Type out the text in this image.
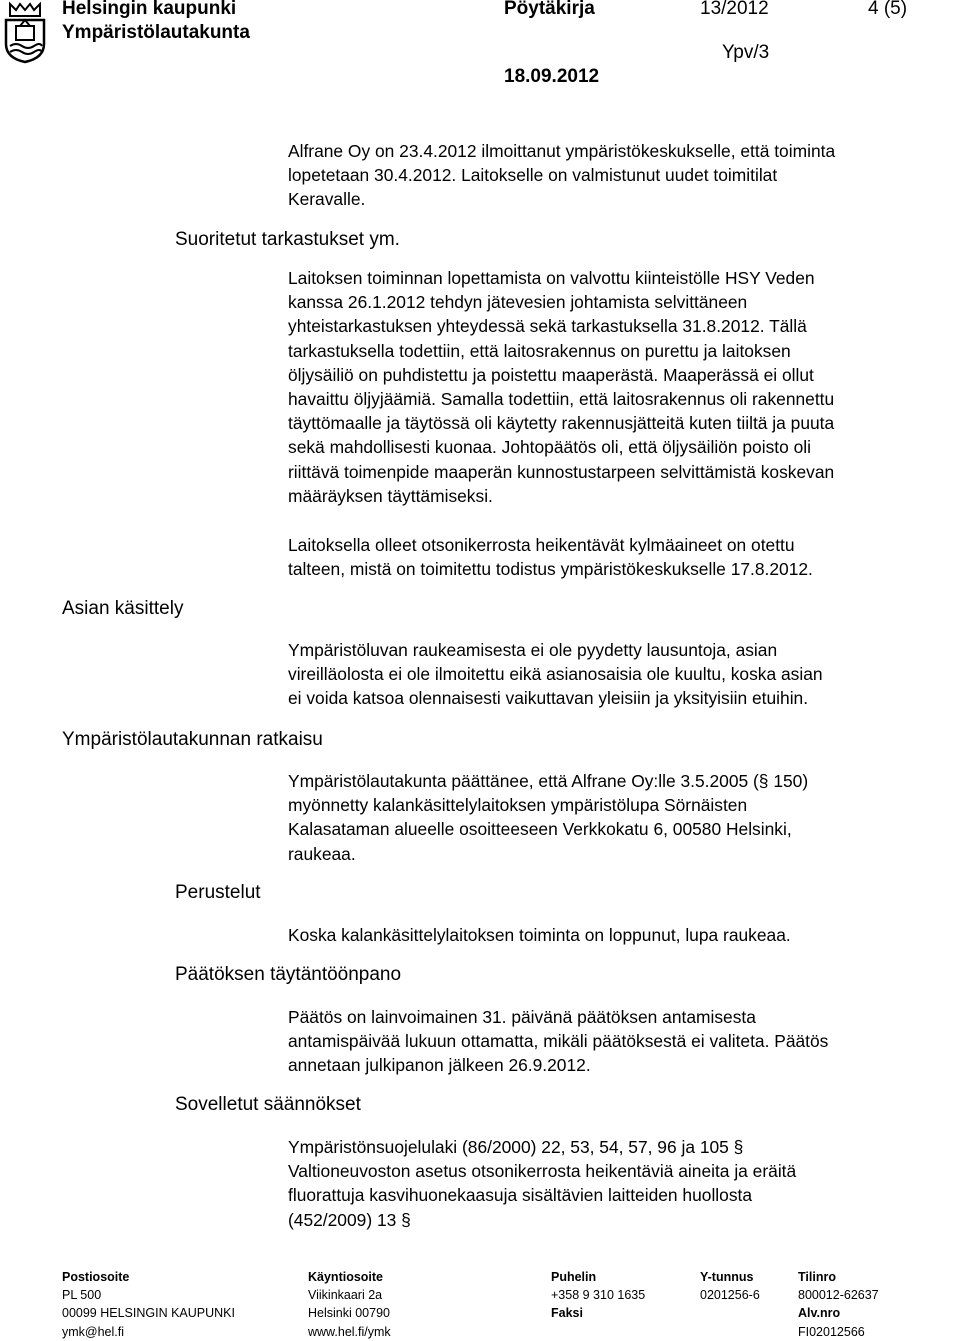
Helsingin kaupunki
Ympäristölautakunta
Pöytäkirja	13/2012	4 (5)
Ypv/3
18.09.2012
Alfrane Oy on 23.4.2012 ilmoittanut ympäristökeskukselle, että toiminta
lopetetaan 30.4.2012. Laitokselle on valmistunut uudet toimitilat
Keravalle.
Suoritetut tarkastukset ym.
Laitoksen toiminnan lopettamista on valvottu kiinteistölle HSY Veden
kanssa 26.1.2012 tehdyn jätevesien johtamista selvittäneen
yhteistarkastuksen yhteydessä sekä tarkastuksella 31.8.2012. Tällä
tarkastuksella todettiin, että laitosrakennus on purettu ja laitoksen
öljysäiliö on puhdistettu ja poistettu maaperästä. Maaperässä ei ollut
havaittu öljyjäämiä. Samalla todettiin, että laitosrakennus oli rakennettu
täyttömaalle ja täytössä oli käytetty rakennusjätteitä kuten tiiltä ja puuta
sekä mahdollisesti kuonaa. Johtopäätös oli, että öljysäiliön poisto oli
riittävä toimenpide maaperän kunnostustarpeen selvittämistä koskevan
määräyksen täyttämiseksi.
Laitoksella olleet otsonikerrosta heikentävät kylmäaineet on otettu
talteen, mistä on toimitettu todistus ympäristökeskukselle 17.8.2012.
Asian käsittely
Ympäristöluvan raukeamisesta ei ole pyydetty lausuntoja, asian
vireilläolosta ei ole ilmoitettu eikä asianosaisia ole kuultu, koska asian
ei voida katsoa olennaisesti vaikuttavan yleisiin ja yksityisiin etuihin.
Ympäristölautakunnan ratkaisu
Ympäristölautakunta päättänee, että Alfrane Oy:lle 3.5.2005 (§ 150)
myönnetty kalankäsittelylaitoksen ympäristölupa Sörnäisten
Kalasataman alueelle osoitteeseen Verkkokatu 6, 00580 Helsinki,
raukeaa.
Perustelut
Koska kalankäsittelylaitoksen toiminta on loppunut, lupa raukeaa.
Päätöksen täytäntöönpano
Päätös on lainvoimainen 31. päivänä päätöksen antamisesta
antamispäivää lukuun ottamatta, mikäli päätöksestä ei valiteta. Päätös
annetaan julkipanon jälkeen 26.9.2012.
Sovelletut säännökset
Ympäristönsuojelulaki (86/2000) 22, 53, 54, 57, 96 ja 105 §
Valtioneuvoston asetus otsonikerrosta heikentäviä aineita ja eräitä
fluorattuja kasvihuonekaasuja sisältävien laitteiden huollosta
(452/2009) 13 §
Postiosoite
PL 500
00099 HELSINGIN KAUPUNKI
ymk@hel.fi
Käyntiosoite
Viikinkaari 2a
Helsinki 00790
www.hel.fi/ymk
Puhelin
+358 9 310 1635
Faksi
Y-tunnus
0201256-6
Tilinro
800012-62637
Alv.nro
FI02012566
